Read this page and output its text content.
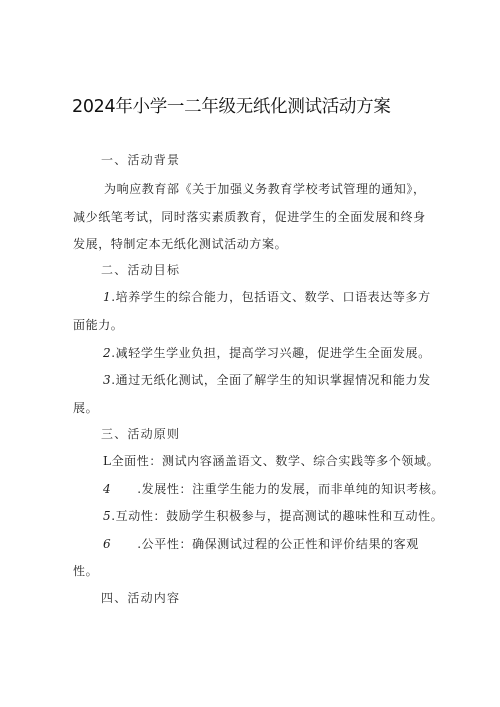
2024年小学一二年级无纸化测试活动方案
一、活动背景
为响应教育部《关于加强义务教育学校考试管理的通知》，
减少纸笔考试，同时落实素质教育，促进学生的全面发展和终身
发展，特制定本无纸化测试活动方案。
二、活动目标
1.培养学生的综合能力，包括语文、数学、口语表达等多方
面能力。
2.减轻学生学业负担，提高学习兴趣，促进学生全面发展。
3.通过无纸化测试，全面了解学生的知识掌握情况和能力发
展。
三、活动原则
L全面性：测试内容涵盖语文、数学、综合实践等多个领域。
4 .发展性：注重学生能力的发展，而非单纯的知识考核。
5.互动性：鼓励学生积极参与，提高测试的趣味性和互动性。
6 .公平性：确保测试过程的公正性和评价结果的客观
性。
四、活动内容
